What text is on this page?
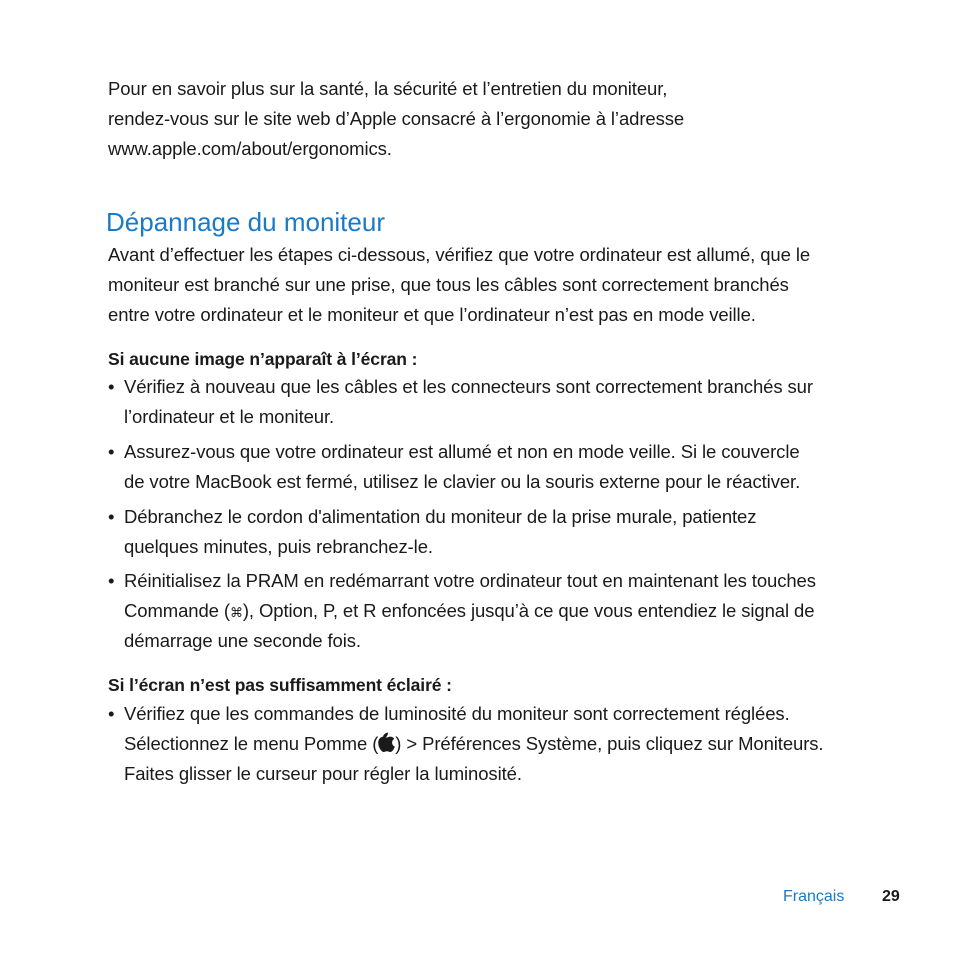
Pour en savoir plus sur la santé, la sécurité et l’entretien du moniteur,
rendez-vous sur le site web d’Apple consacré à l’ergonomie à l’adresse
www.apple.com/about/ergonomics.
Dépannage du moniteur
Avant d’effectuer les étapes ci-dessous, vérifiez que votre ordinateur est allumé, que le
moniteur est branché sur une prise, que tous les câbles sont correctement branchés
entre votre ordinateur et le moniteur et que l’ordinateur n’est pas en mode veille.
Si aucune image n’apparaît à l’écran :
• Vérifiez à nouveau que les câbles et les connecteurs sont correctement branchés sur
l’ordinateur et le moniteur.
• Assurez-vous que votre ordinateur est allumé et non en mode veille. Si le couvercle
de votre MacBook est fermé, utilisez le clavier ou la souris externe pour le réactiver.
• Débranchez le cordon d'alimentation du moniteur de la prise murale, patientez
quelques minutes, puis rebranchez-le.
• Réinitialisez la PRAM en redémarrant votre ordinateur tout en maintenant les touches
Commande (⌘), Option, P, et R enfoncées jusqu’à ce que vous entendiez le signal de
démarrage une seconde fois.
Si l’écran n’est pas suffisamment éclairé :
• Vérifiez que les commandes de luminosité du moniteur sont correctement réglées.
Sélectionnez le menu Pomme ( ) > Préférences Système, puis cliquez sur Moniteurs.
Faites glisser le curseur pour régler la luminosité.
Français 29
